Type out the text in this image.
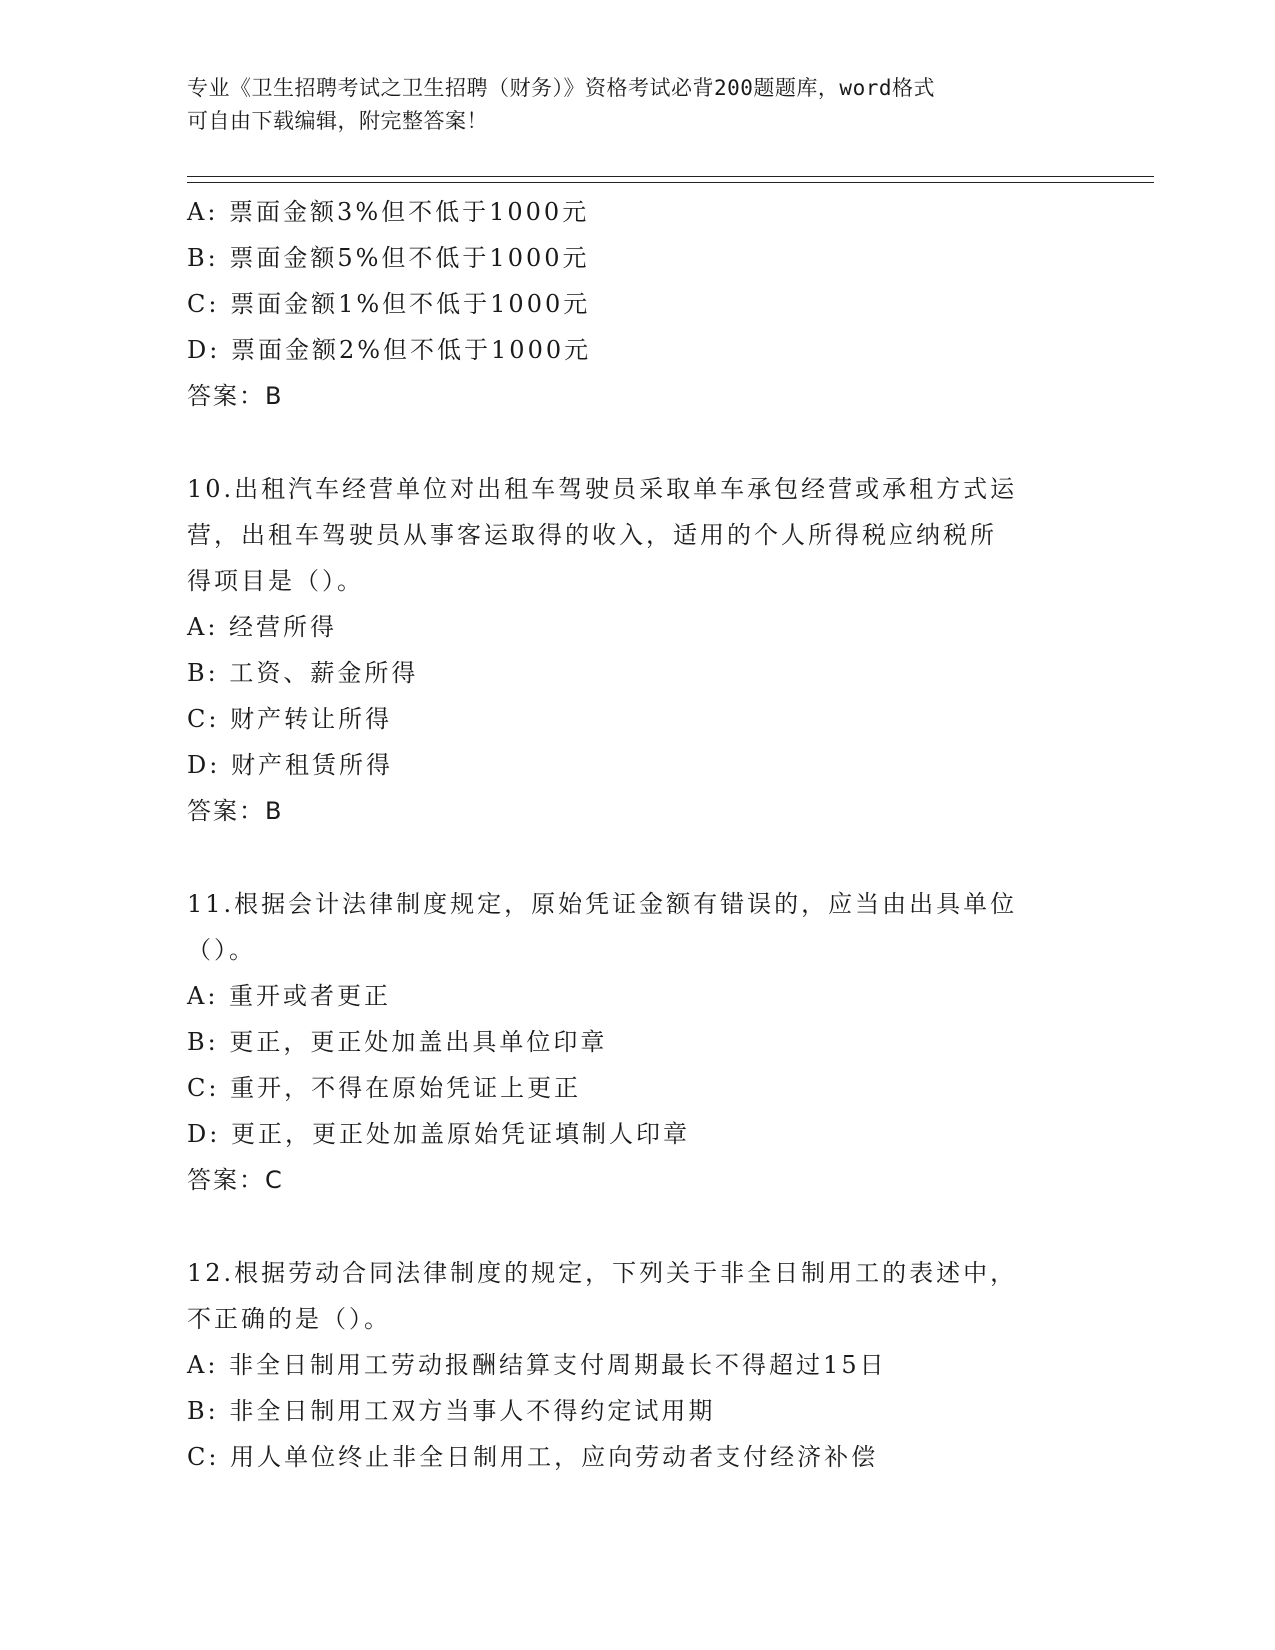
专业《卫生招聘考试之卫生招聘（财务）》资格考试必背200题题库，word格式
可自由下载编辑，附完整答案！
A: 票面金额3%但不低于1000元
B: 票面金额5%但不低于1000元
C: 票面金额1%但不低于1000元
D: 票面金额2%但不低于1000元
答案：B
10.出租汽车经营单位对出租车驾驶员采取单车承包经营或承租方式运
营，出租车驾驶员从事客运取得的收入，适用的个人所得税应纳税所
得项目是（）。
A: 经营所得
B: 工资、薪金所得
C: 财产转让所得
D: 财产租赁所得
答案：B
11.根据会计法律制度规定，原始凭证金额有错误的，应当由出具单位
（）。
A: 重开或者更正
B: 更正，更正处加盖出具单位印章
C: 重开，不得在原始凭证上更正
D: 更正，更正处加盖原始凭证填制人印章
答案：C
12.根据劳动合同法律制度的规定，下列关于非全日制用工的表述中，
不正确的是（）。
A: 非全日制用工劳动报酬结算支付周期最长不得超过15日
B: 非全日制用工双方当事人不得约定试用期
C: 用人单位终止非全日制用工，应向劳动者支付经济补偿
